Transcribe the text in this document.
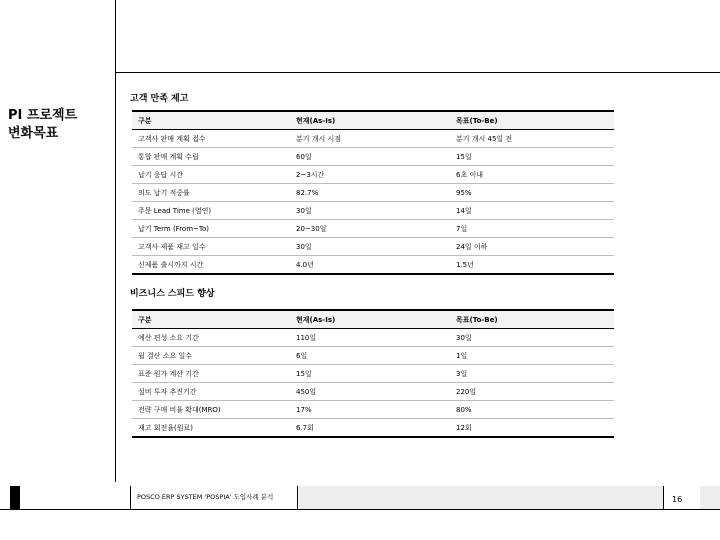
PI 프로젝트
변화목표
고객 만족 제고
구분	현재(As-Is)	목표(To-Be)
고객사 판매 계획 접수	분기 개시 시점	분기 개시 45일 전
통합 판매 계획 수립	60일	15일
납기 응답 시간	2~3시간	6초 이내
의도 납기 적중률	82.7%	95%
주문 Lead Time (열연)	30일	14일
납기 Term (From~To)	20~30일	7일
고객사 제품 재고 일수	30일	24일 이하
신제품 출시까지 시간	4.0년	1.5년
비즈니스 스피드 향상
구분	현재(As-Is)	목표(To-Be)
예산 편성 소요 기간	110일	30일
월 결산 소요 일수	6일	1일
표준 원가 계산 기간	15일	3일
설비 투자 추진기간	450일	220일
전략 구매 비율 확대(MRO)	17%	80%
재고 회전율(원료)	6.7회	12회
POSCO ERP SYSTEM 'POSPIA' 도입사례 분석	16
